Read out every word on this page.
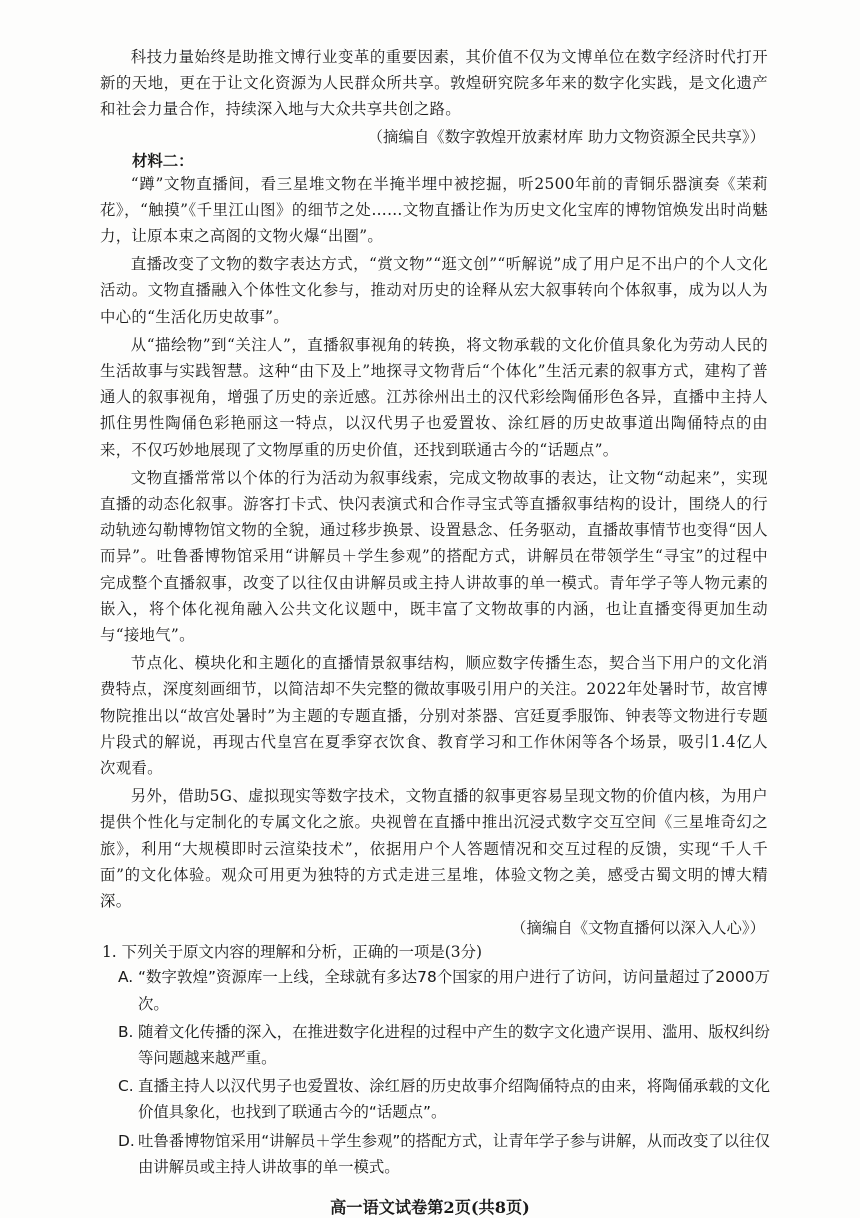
科技力量始终是助推文博行业变革的重要因素，其价值不仅为文博单位在数字经济时代打开新的天地，更在于让文化资源为人民群众所共享。敦煌研究院多年来的数字化实践，是文化遗产和社会力量合作，持续深入地与大众共享共创之路。
（摘编自《数字敦煌开放素材库 助力文物资源全民共享》）
材料二：
“蹲”文物直播间，看三星堆文物在半掩半埋中被挖掘，听2500年前的青铜乐器演奏《茉莉花》，“触摸”《千里江山图》的细节之处……文物直播让作为历史文化宝库的博物馆焕发出时尚魅力，让原本束之高阁的文物火爆“出圈”。
直播改变了文物的数字表达方式，“赏文物”“逛文创”“听解说”成了用户足不出户的个人文化活动。文物直播融入个体性文化参与，推动对历史的诠释从宏大叙事转向个体叙事，成为以人为中心的“生活化历史故事”。
从“描绘物”到“关注人”，直播叙事视角的转换，将文物承载的文化价值具象化为劳动人民的生活故事与实践智慧。这种“由下及上”地探寻文物背后“个体化”生活元素的叙事方式，建构了普通人的叙事视角，增强了历史的亲近感。江苏徐州出土的汉代彩绘陶俑形色各异，直播中主持人抓住男性陶俑色彩艳丽这一特点，以汉代男子也爱置妆、涂红唇的历史故事道出陶俑特点的由来，不仅巧妙地展现了文物厚重的历史价值，还找到联通古今的“话题点”。
文物直播常常以个体的行为活动为叙事线索，完成文物故事的表达，让文物“动起来”，实现直播的动态化叙事。游客打卡式、快闪表演式和合作寻宝式等直播叙事结构的设计，围绕人的行动轨迹勾勒博物馆文物的全貌，通过移步换景、设置悬念、任务驱动，直播故事情节也变得“因人而异”。吐鲁番博物馆采用“讲解员＋学生参观”的搭配方式，讲解员在带领学生“寻宝”的过程中完成整个直播叙事，改变了以往仅由讲解员或主持人讲故事的单一模式。青年学子等人物元素的嵌入，将个体化视角融入公共文化议题中，既丰富了文物故事的内涵，也让直播变得更加生动与“接地气”。
节点化、模块化和主题化的直播情景叙事结构，顺应数字传播生态，契合当下用户的文化消费特点，深度刻画细节，以简洁却不失完整的微故事吸引用户的关注。2022年处暑时节，故宫博物院推出以“故宫处暑时”为主题的专题直播，分别对茶器、宫廷夏季服饰、钟表等文物进行专题片段式的解说，再现古代皇宫在夏季穿衣饮食、教育学习和工作休闲等各个场景，吸引1.4亿人次观看。
另外，借助5G、虚拟现实等数字技术，文物直播的叙事更容易呈现文物的价值内核，为用户提供个性化与定制化的专属文化之旅。央视曾在直播中推出沉浸式数字交互空间《三星堆奇幻之旅》，利用“大规模即时云渲染技术”，依据用户个人答题情况和交互过程的反馈，实现“千人千面”的文化体验。观众可用更为独特的方式走进三星堆，体验文物之美，感受古蜀文明的博大精深。
（摘编自《文物直播何以深入人心》）
1. 下列关于原文内容的理解和分析，正确的一项是(3分)
A. “数字敦煌”资源库一上线，全球就有多达78个国家的用户进行了访问，访问量超过了2000万次。
B. 随着文化传播的深入，在推进数字化进程的过程中产生的数字文化遗产误用、滥用、版权纠纷等问题越来越严重。
C. 直播主持人以汉代男子也爱置妆、涂红唇的历史故事介绍陶俑特点的由来，将陶俑承载的文化价值具象化，也找到了联通古今的“话题点”。
D. 吐鲁番博物馆采用“讲解员＋学生参观”的搭配方式，让青年学子参与讲解，从而改变了以往仅由讲解员或主持人讲故事的单一模式。
高一语文试卷第2页(共8页)
